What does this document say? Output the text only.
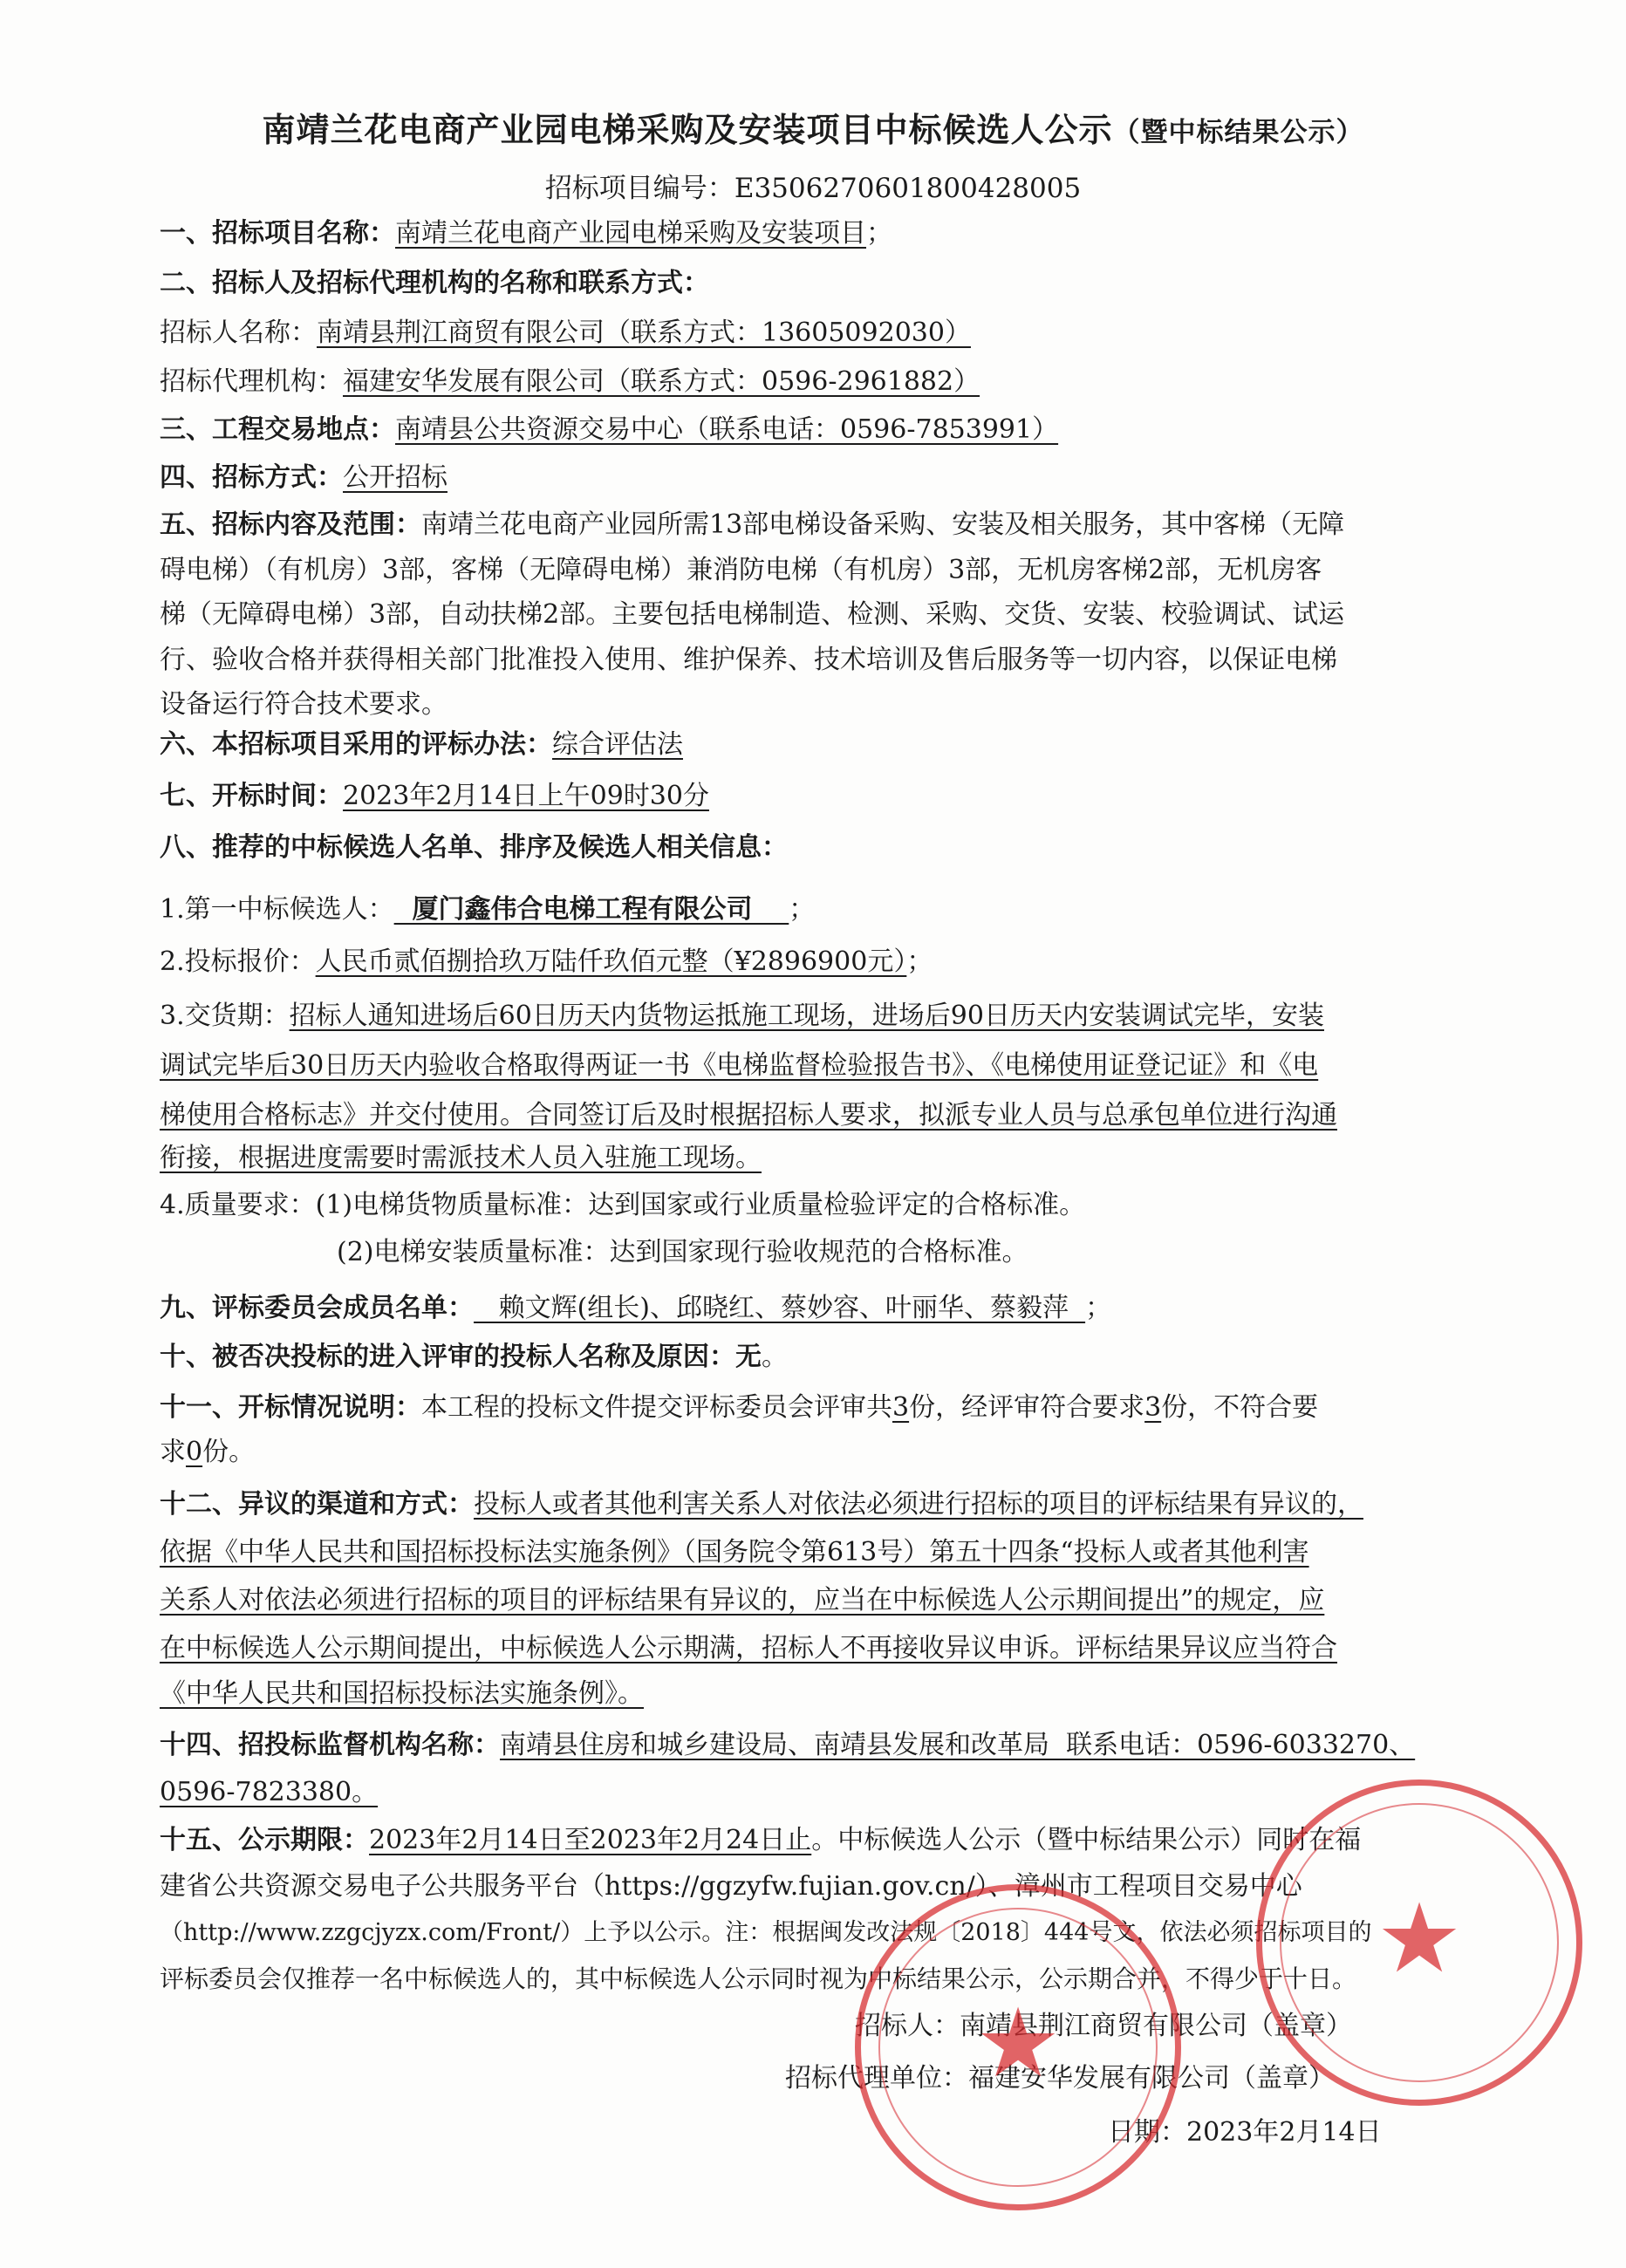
南靖兰花电商产业园电梯采购及安装项目中标候选人公示（暨中标结果公示）
招标项目编号：E3506270601800428005
一、招标项目名称：南靖兰花电商产业园电梯采购及安装项目；
二、招标人及招标代理机构的名称和联系方式：
招标人名称：南靖县荆江商贸有限公司（联系方式：13605092030）
招标代理机构：福建安华发展有限公司（联系方式：0596-2961882）
三、工程交易地点：南靖县公共资源交易中心（联系电话：0596-7853991）
四、招标方式：公开招标
五、招标内容及范围：南靖兰花电商产业园所需13部电梯设备采购、安装及相关服务，其中客梯（无障
碍电梯）（有机房）3部，客梯（无障碍电梯）兼消防电梯（有机房）3部，无机房客梯2部，无机房客
梯（无障碍电梯）3部，自动扶梯2部。主要包括电梯制造、检测、采购、交货、安装、校验调试、试运
行、验收合格并获得相关部门批准投入使用、维护保养、技术培训及售后服务等一切内容，以保证电梯
设备运行符合技术要求。
六、本招标项目采用的评标办法：综合评估法
七、开标时间：2023年2月14日上午09时30分
八、推荐的中标候选人名单、排序及候选人相关信息：
1.第一中标候选人：  厦门鑫伟合电梯工程有限公司    ；
2.投标报价：人民币贰佰捌拾玖万陆仟玖佰元整（¥2896900元）；
3.交货期：招标人通知进场后60日历天内货物运抵施工现场，进场后90日历天内安装调试完毕，安装
调试完毕后30日历天内验收合格取得两证一书《电梯监督检验报告书》、《电梯使用证登记证》和《电
梯使用合格标志》并交付使用。合同签订后及时根据招标人要求，拟派专业人员与总承包单位进行沟通
衔接，根据进度需要时需派技术人员入驻施工现场。
4.质量要求：(1)电梯货物质量标准：达到国家或行业质量检验评定的合格标准。
(2)电梯安装质量标准：达到国家现行验收规范的合格标准。
九、评标委员会成员名单：   赖文辉(组长)、邱晓红、蔡妙容、叶丽华、蔡毅萍  ；
十、被否决投标的进入评审的投标人名称及原因：无。
十一、开标情况说明：本工程的投标文件提交评标委员会评审共3份，经评审符合要求3份，不符合要
求0份。
十二、异议的渠道和方式：投标人或者其他利害关系人对依法必须进行招标的项目的评标结果有异议的，
依据《中华人民共和国招标投标法实施条例》（国务院令第613号）第五十四条“投标人或者其他利害
关系人对依法必须进行招标的项目的评标结果有异议的，应当在中标候选人公示期间提出”的规定，应
在中标候选人公示期间提出，中标候选人公示期满，招标人不再接收异议申诉。评标结果异议应当符合
《中华人民共和国招标投标法实施条例》。
十四、招投标监督机构名称：南靖县住房和城乡建设局、南靖县发展和改革局  联系电话：0596-6033270、
0596-7823380。
十五、公示期限：2023年2月14日至2023年2月24日止。中标候选人公示（暨中标结果公示）同时在福
建省公共资源交易电子公共服务平台（https://ggzyfw.fujian.gov.cn/）、漳州市工程项目交易中心
（http://www.zzgcjyzx.com/Front/）上予以公示。注：根据闽发改法规〔2018〕444号文，依法必须招标项目的
评标委员会仅推荐一名中标候选人的，其中标候选人公示同时视为中标结果公示，公示期合并，不得少于十日。
招标人：南靖县荆江商贸有限公司（盖章）
招标代理单位：福建安华发展有限公司（盖章）
日期：2023年2月14日
★
★
